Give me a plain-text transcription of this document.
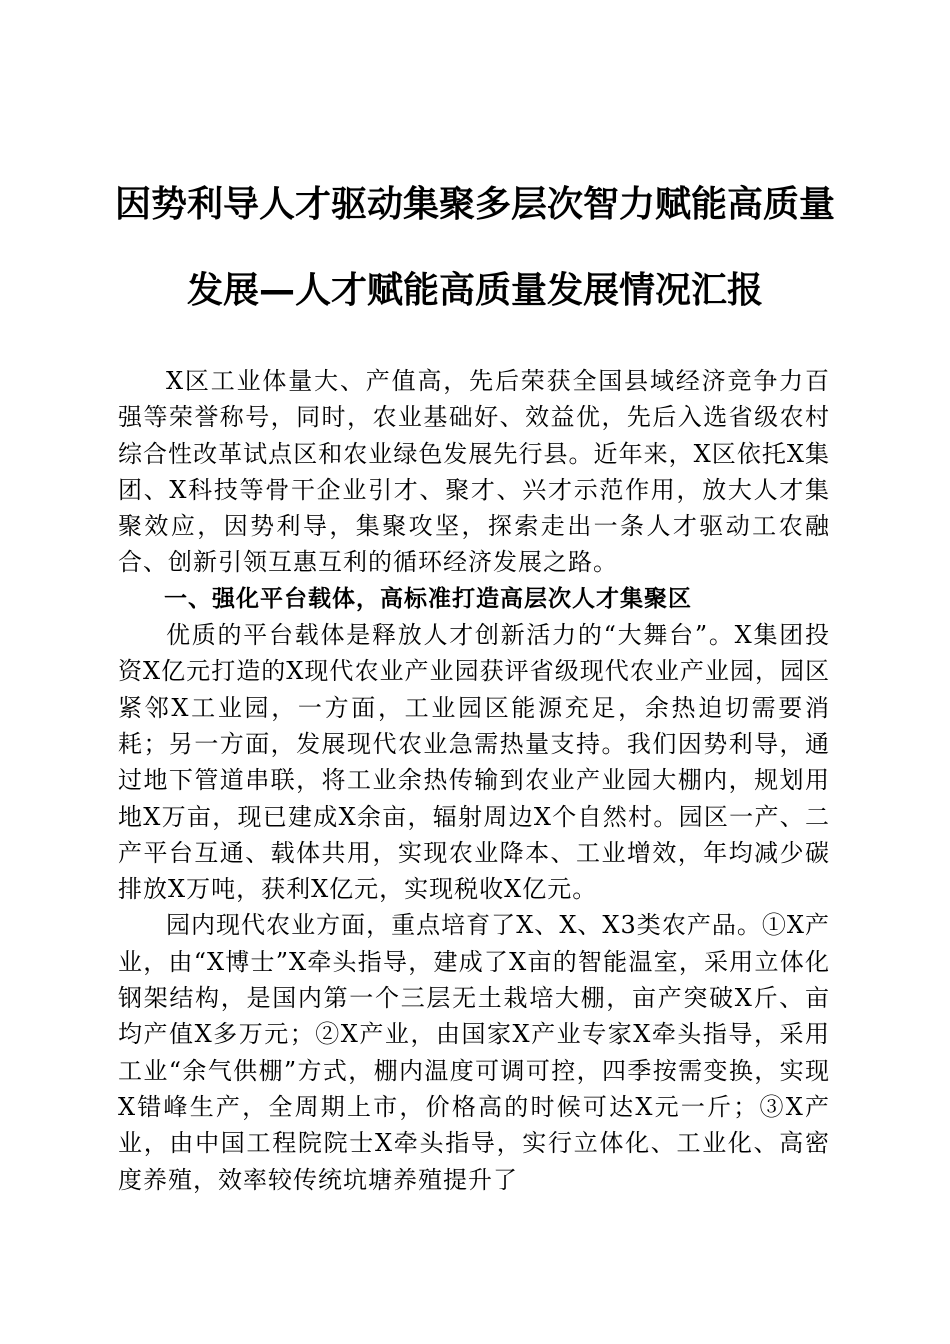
因势利导人才驱动集聚多层次智力赋能高质量
发展—人才赋能高质量发展情况汇报

X区工业体量大、产值高，先后荣获全国县域经济竞争力百强等荣誉称号，同时，农业基础好、效益优，先后入选省级农村综合性改革试点区和农业绿色发展先行县。近年来，X区依托X集团、X科技等骨干企业引才、聚才、兴才示范作用，放大人才集聚效应，因势利导，集聚攻坚，探索走出一条人才驱动工农融合、创新引领互惠互利的循环经济发展之路。

一、强化平台载体，高标准打造高层次人才集聚区

优质的平台载体是释放人才创新活力的“大舞台”。X集团投资X亿元打造的X现代农业产业园获评省级现代农业产业园，园区紧邻X工业园，一方面，工业园区能源充足，余热迫切需要消耗；另一方面，发展现代农业急需热量支持。我们因势利导，通过地下管道串联，将工业余热传输到农业产业园大棚内，规划用地X万亩，现已建成X余亩，辐射周边X个自然村。园区一产、二产平台互通、载体共用，实现农业降本、工业增效，年均减少碳排放X万吨，获利X亿元，实现税收X亿元。

园内现代农业方面，重点培育了X、X、X3类农产品。①X产业，由“X博士”X牵头指导，建成了X亩的智能温室，采用立体化钢架结构，是国内第一个三层无土栽培大棚，亩产突破X斤、亩均产值X多万元；②X产业，由国家X产业专家X牵头指导，采用工业“余气供棚”方式，棚内温度可调可控，四季按需变换，实现X错峰生产，全周期上市，价格高的时候可达X元一斤；③X产业，由中国工程院院士X牵头指导，实行立体化、工业化、高密度养殖，效率较传统坑塘养殖提升了
